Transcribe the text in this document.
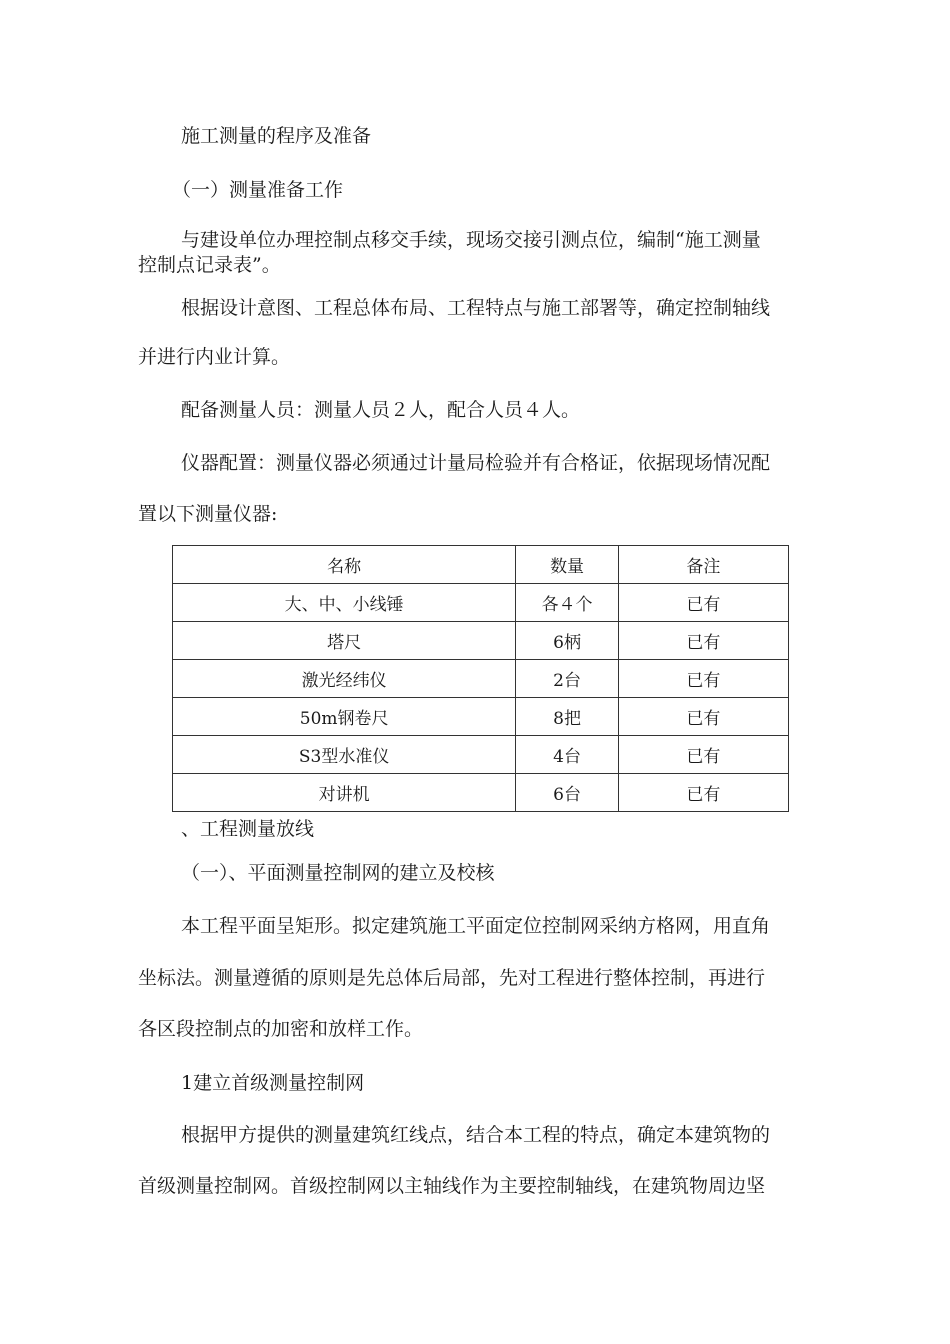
施工测量的程序及准备
（一）测量准备工作
与建设单位办理控制点移交手续，现场交接引测点位，编制“施工测量
控制点记录表”。
根据设计意图、工程总体布局、工程特点与施工部署等，确定控制轴线
并进行内业计算。
配备测量人员：测量人员２人，配合人员４人。
仪器配置：测量仪器必须通过计量局检验并有合格证，依据现场情况配
置以下测量仪器:
名称	数量	备注
大、中、小线锤	各４个	已有
塔尺	6柄	已有
激光经纬仪	2台	已有
50m钢卷尺	8把	已有
S3型水准仪	4台	已有
对讲机	6台	已有
、工程测量放线
（一）、平面测量控制网的建立及校核
本工程平面呈矩形。拟定建筑施工平面定位控制网采纳方格网，用直角
坐标法。测量遵循的原则是先总体后局部，先对工程进行整体控制，再进行
各区段控制点的加密和放样工作。
1建立首级测量控制网
根据甲方提供的测量建筑红线点，结合本工程的特点，确定本建筑物的
首级测量控制网。首级控制网以主轴线作为主要控制轴线，在建筑物周边坚
